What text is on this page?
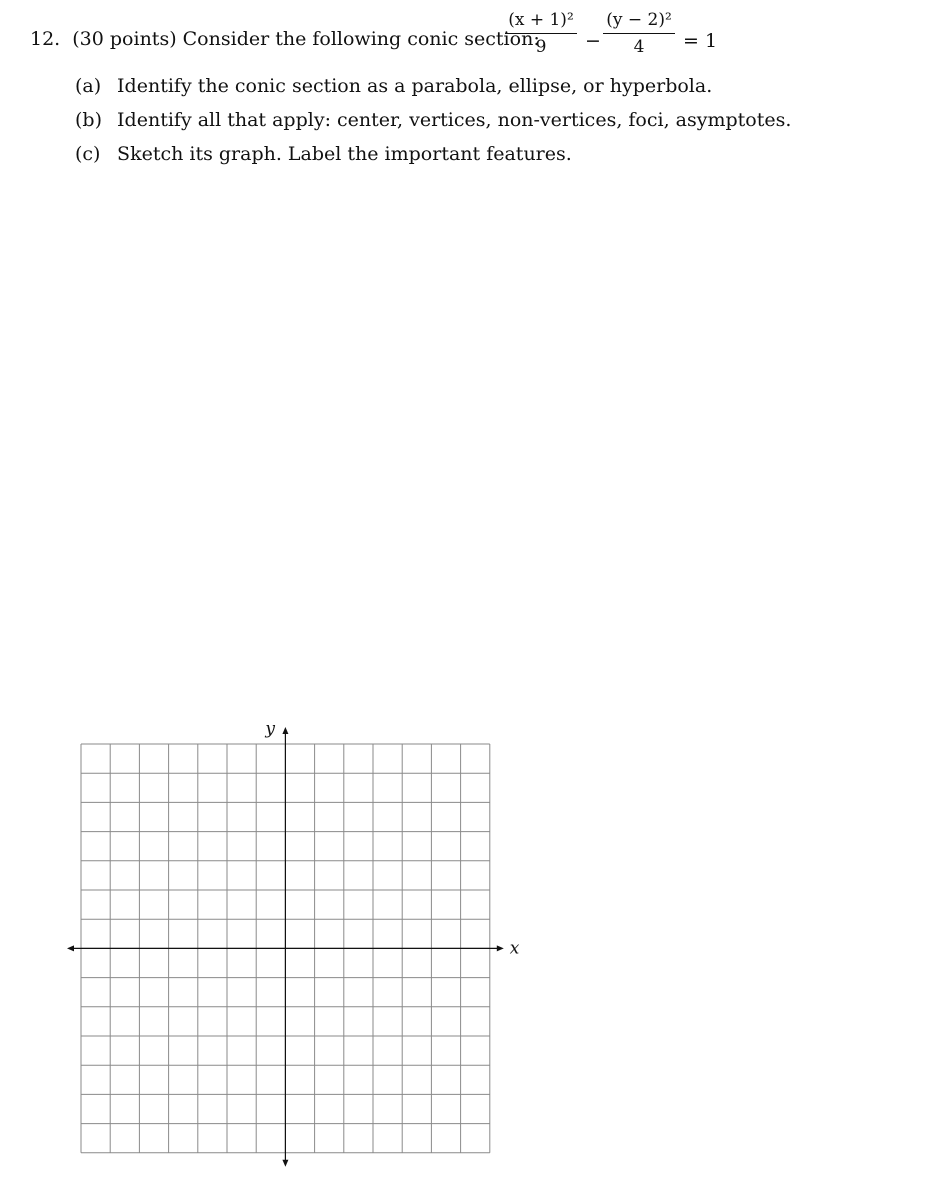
12. (30 points) Consider the following conic section:
$\frac{\text{(x + 1)²}}{9} - \frac{\text{(y − 2)²}}{4} = 1$
(a) Identify the conic section as a parabola, ellipse, or hyperbola.
(b) Identify all that apply: center, vertices, non-vertices, foci, asymptotes.
(c) Sketch its graph. Label the important features.
x
y
